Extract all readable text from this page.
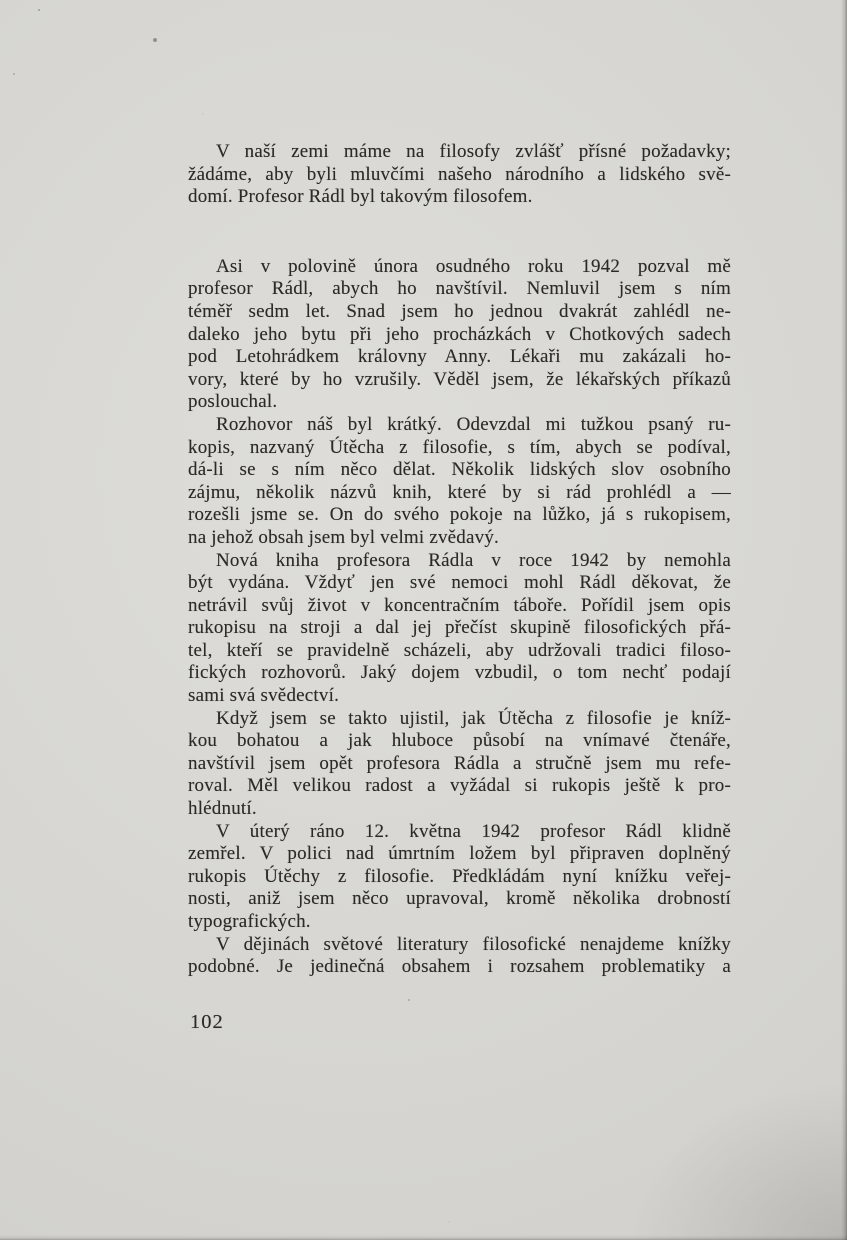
V naší zemi máme na filosofy zvlášť přísné požadavky;
žádáme, aby byli mluvčími našeho národního a lidského svě-
domí. Profesor Rádl byl takovým filosofem.

Asi v polovině února osudného roku 1942 pozval mě
profesor Rádl, abych ho navštívil. Nemluvil jsem s ním
téměř sedm let. Snad jsem ho jednou dvakrát zahlédl ne-
daleko jeho bytu při jeho procházkách v Chotkových sadech
pod Letohrádkem královny Anny. Lékaři mu zakázali ho-
vory, které by ho vzrušily. Věděl jsem, že lékařských příkazů
poslouchal.

Rozhovor náš byl krátký. Odevzdal mi tužkou psaný ru-
kopis, nazvaný Útěcha z filosofie, s tím, abych se podíval,
dá-li se s ním něco dělat. Několik lidských slov osobního
zájmu, několik názvů knih, které by si rád prohlédl a —
rozešli jsme se. On do svého pokoje na lůžko, já s rukopisem,
na jehož obsah jsem byl velmi zvědavý.

Nová kniha profesora Rádla v roce 1942 by nemohla
být vydána. Vždyť jen své nemoci mohl Rádl děkovat, že
netrávil svůj život v koncentračním táboře. Pořídil jsem opis
rukopisu na stroji a dal jej přečíst skupině filosofických přá-
tel, kteří se pravidelně scházeli, aby udržovali tradici filoso-
fických rozhovorů. Jaký dojem vzbudil, o tom nechť podají
sami svá svědectví.

Když jsem se takto ujistil, jak Útěcha z filosofie je kníž-
kou bohatou a jak hluboce působí na vnímavé čtenáře,
navštívil jsem opět profesora Rádla a stručně jsem mu refe-
roval. Měl velikou radost a vyžádal si rukopis ještě k pro-
hlédnutí.

V úterý ráno 12. května 1942 profesor Rádl klidně
zemřel. V polici nad úmrtním ložem byl připraven doplněný
rukopis Útěchy z filosofie. Předkládám nyní knížku veřej-
nosti, aniž jsem něco upravoval, kromě několika drobností
typografických.

V dějinách světové literatury filosofické nenajdeme knížky
podobné. Je jedinečná obsahem i rozsahem problematiky a

102
